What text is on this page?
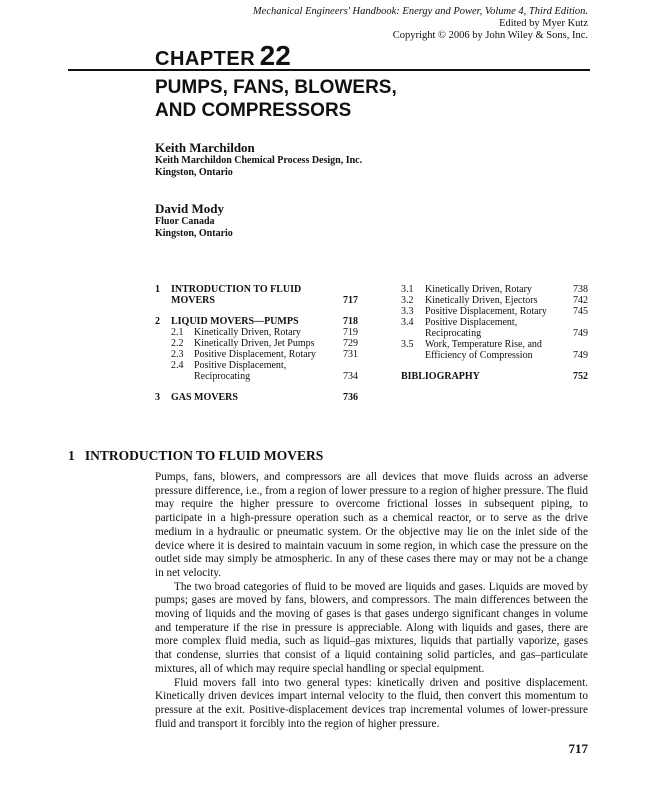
Mechanical Engineers' Handbook: Energy and Power, Volume 4, Third Edition.
Edited by Myer Kutz
Copyright © 2006 by John Wiley & Sons, Inc.
CHAPTER 22
PUMPS, FANS, BLOWERS,
AND COMPRESSORS
Keith Marchildon
Keith Marchildon Chemical Process Design, Inc.
Kingston, Ontario
David Mody
Fluor Canada
Kingston, Ontario
1 INTRODUCTION TO FLUID
MOVERS	717
2 LIQUID MOVERS—PUMPS	718
2.1 Kinetically Driven, Rotary	719
2.2 Kinetically Driven, Jet Pumps	729
2.3 Positive Displacement, Rotary	731
2.4 Positive Displacement,
Reciprocating	734
3 GAS MOVERS	736
3.1 Kinetically Driven, Rotary	738
3.2 Kinetically Driven, Ejectors	742
3.3 Positive Displacement, Rotary	745
3.4 Positive Displacement,
Reciprocating	749
3.5 Work, Temperature Rise, and
Efficiency of Compression	749
BIBLIOGRAPHY	752
1   INTRODUCTION TO FLUID MOVERS

Pumps, fans, blowers, and compressors are all devices that move fluids across an adverse pressure difference, i.e., from a region of lower pressure to a region of higher pressure. The fluid may require the higher pressure to overcome frictional losses in subsequent piping, to participate in a high-pressure operation such as a chemical reactor, or to serve as the drive medium in a hydraulic or pneumatic system. Or the objective may lie on the inlet side of the device where it is desired to maintain vacuum in some region, in which case the pressure on the outlet side may simply be atmospheric. In any of these cases there may or may not be a change in net velocity.

The two broad categories of fluid to be moved are liquids and gases. Liquids are moved by pumps; gases are moved by fans, blowers, and compressors. The main differences between the moving of liquids and the moving of gases is that gases undergo significant changes in volume and temperature if the rise in pressure is appreciable. Along with liquids and gases, there are more complex fluid media, such as liquid–gas mixtures, liquids that partially vaporize, gases that condense, slurries that consist of a liquid containing solid particles, and gas–particulate mixtures, all of which may require special handling or special equipment.

Fluid movers fall into two general types: kinetically driven and positive displacement. Kinetically driven devices impart internal velocity to the fluid, then convert this momentum to pressure at the exit. Positive-displacement devices trap incremental volumes of lower-pressure fluid and transport it forcibly into the region of higher pressure.

717
